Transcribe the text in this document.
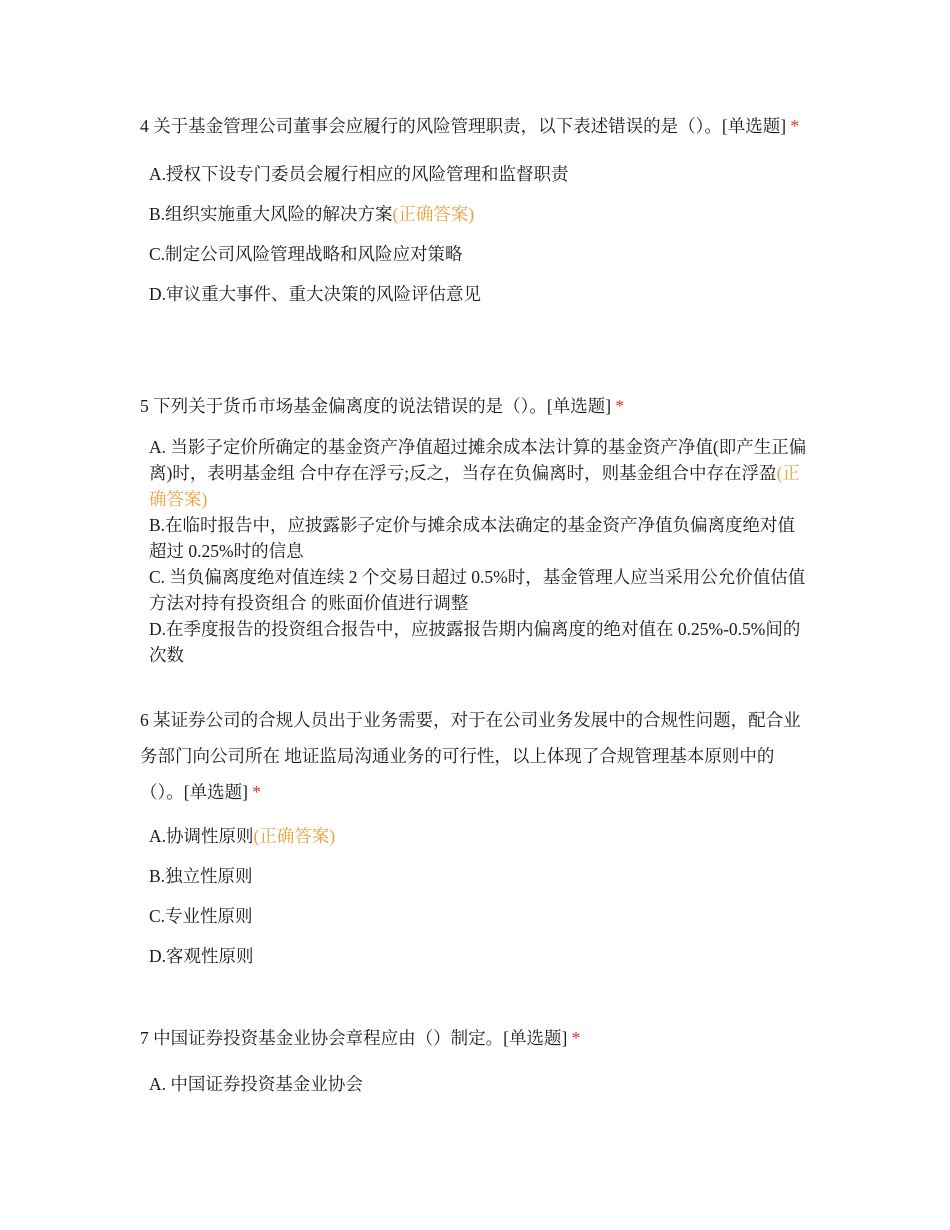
4 关于基金管理公司董事会应履行的风险管理职责，以下表述错误的是（）。[单选题] *

A.授权下设专门委员会履行相应的风险管理和监督职责
B.组织实施重大风险的解决方案(正确答案)
C.制定公司风险管理战略和风险应对策略
D.审议重大事件、重大决策的风险评估意见

5 下列关于货币市场基金偏离度的说法错误的是（）。[单选题] *

A. 当影子定价所确定的基金资产净值超过摊余成本法计算的基金资产净值(即产生正偏离)时，表明基金组 合中存在浮亏;反之，当存在负偏离时，则基金组合中存在浮盈(正确答案)
B.在临时报告中，应披露影子定价与摊余成本法确定的基金资产净值负偏离度绝对值超过 0.25%时的信息
C. 当负偏离度绝对值连续 2 个交易日超过 0.5%时，基金管理人应当采用公允价值估值方法对持有投资组合 的账面价值进行调整
D.在季度报告的投资组合报告中，应披露报告期内偏离度的绝对值在 0.25%-0.5%间的次数

6 某证券公司的合规人员出于业务需要，对于在公司业务发展中的合规性问题，配合业务部门向公司所在 地证监局沟通业务的可行性，以上体现了合规管理基本原则中的（）。[单选题] *

A.协调性原则(正确答案)
B.独立性原则
C.专业性原则
D.客观性原则

7 中国证券投资基金业协会章程应由（）制定。[单选题] *

A. 中国证券投资基金业协会
